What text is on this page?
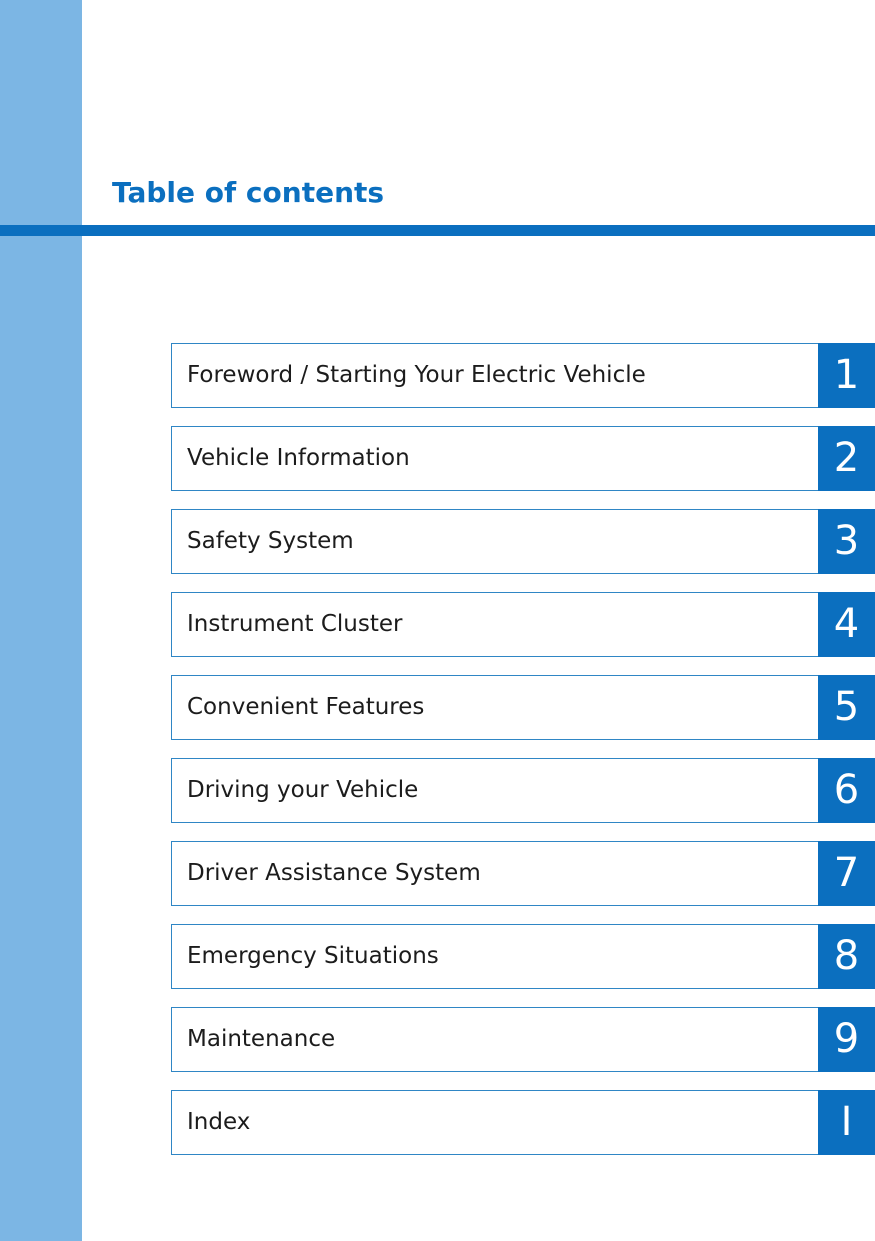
Table of contents
Foreword / Starting Your Electric Vehicle	1
Vehicle Information	2
Safety System	3
Instrument Cluster	4
Convenient Features	5
Driving your Vehicle	6
Driver Assistance System	7
Emergency Situations	8
Maintenance	9
Index	I
